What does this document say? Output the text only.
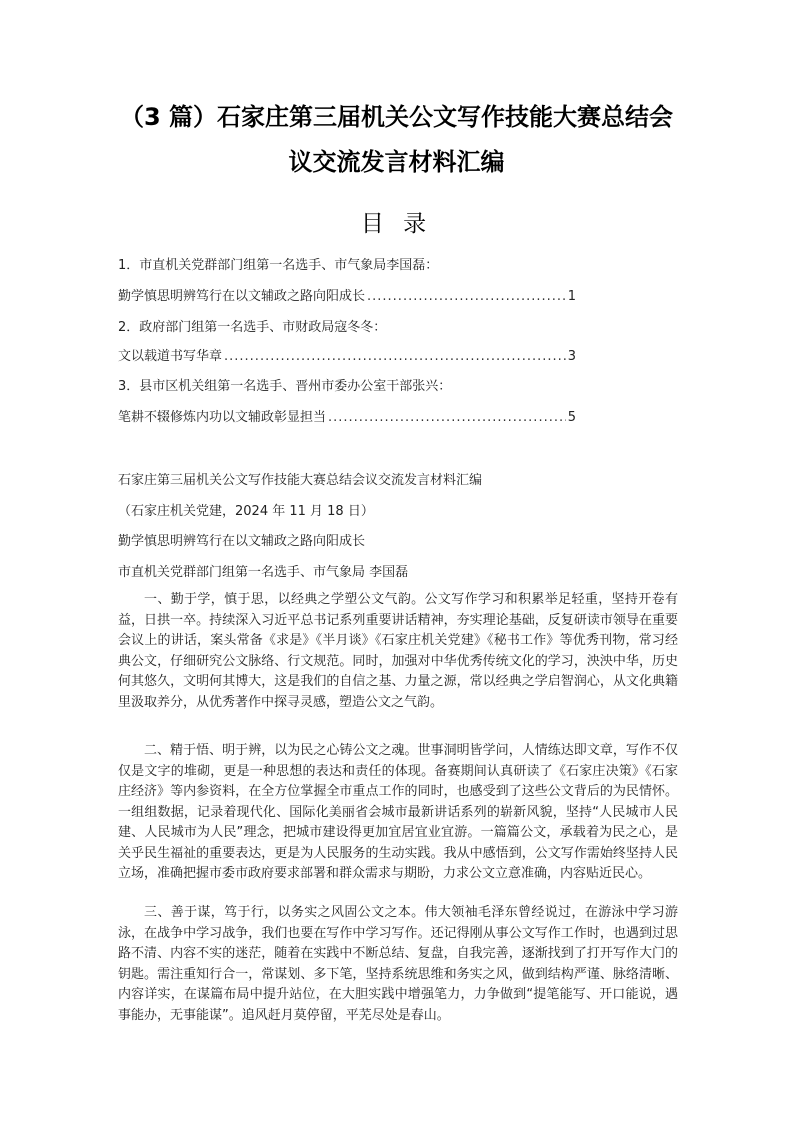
（3 篇）石家庄第三届机关公文写作技能大赛总结会
议交流发言材料汇编
目 录
1．市直机关党群部门组第一名选手、市气象局李国磊：
勤学慎思明辨笃行在以文辅政之路向阳成长 .....	1
2．政府部门组第一名选手、市财政局寇冬冬：
文以载道书写华章 .....	3
3．县市区机关组第一名选手、晋州市委办公室干部张兴：
笔耕不辍修炼内功以文辅政彰显担当 .....	5
石家庄第三届机关公文写作技能大赛总结会议交流发言材料汇编
（石家庄机关党建，2024 年 11 月 18 日）
勤学慎思明辨笃行在以文辅政之路向阳成长
市直机关党群部门组第一名选手、市气象局 李国磊

一、勤于学，慎于思，以经典之学塑公文气韵。公文写作学习和积累举足轻重，坚持开卷有益，日拱一卒。持续深入习近平总书记系列重要讲话精神，夯实理论基础，反复研读市领导在重要会议上的讲话，案头常备《求是》《半月谈》《石家庄机关党建》《秘书工作》等优秀刊物，常习经典公文，仔细研究公文脉络、行文规范。同时，加强对中华优秀传统文化的学习，泱泱中华，历史何其悠久，文明何其博大，这是我们的自信之基、力量之源，常以经典之学启智润心，从文化典籍里汲取养分，从优秀著作中探寻灵感，塑造公文之气韵。

二、精于悟、明于辨，以为民之心铸公文之魂。世事洞明皆学问，人情练达即文章，写作不仅仅是文字的堆砌，更是一种思想的表达和责任的体现。备赛期间认真研读了《石家庄决策》《石家庄经济》等内参资料，在全方位掌握全市重点工作的同时，也感受到了这些公文背后的为民情怀。一组组数据，记录着现代化、国际化美丽省会城市最新讲话系列的崭新风貌，坚持“人民城市人民建、人民城市为人民”理念，把城市建设得更加宜居宜业宜游。一篇篇公文，承载着为民之心，是关乎民生福祉的重要表达，更是为人民服务的生动实践。我从中感悟到，公文写作需始终坚持人民立场，准确把握市委市政府要求部署和群众需求与期盼，力求公文立意准确，内容贴近民心。

三、善于谋，笃于行，以务实之风固公文之本。伟大领袖毛泽东曾经说过，在游泳中学习游泳，在战争中学习战争，我们也要在写作中学习写作。还记得刚从事公文写作工作时，也遇到过思路不清、内容不实的迷茫，随着在实践中不断总结、复盘，自我完善，逐渐找到了打开写作大门的钥匙。需注重知行合一，常谋划、多下笔，坚持系统思维和务实之风，做到结构严谨、脉络清晰、内容详实，在谋篇布局中提升站位，在大胆实践中增强笔力，力争做到“提笔能写、开口能说，遇事能办，无事能谋”。追风赶月莫停留，平芜尽处是春山。
